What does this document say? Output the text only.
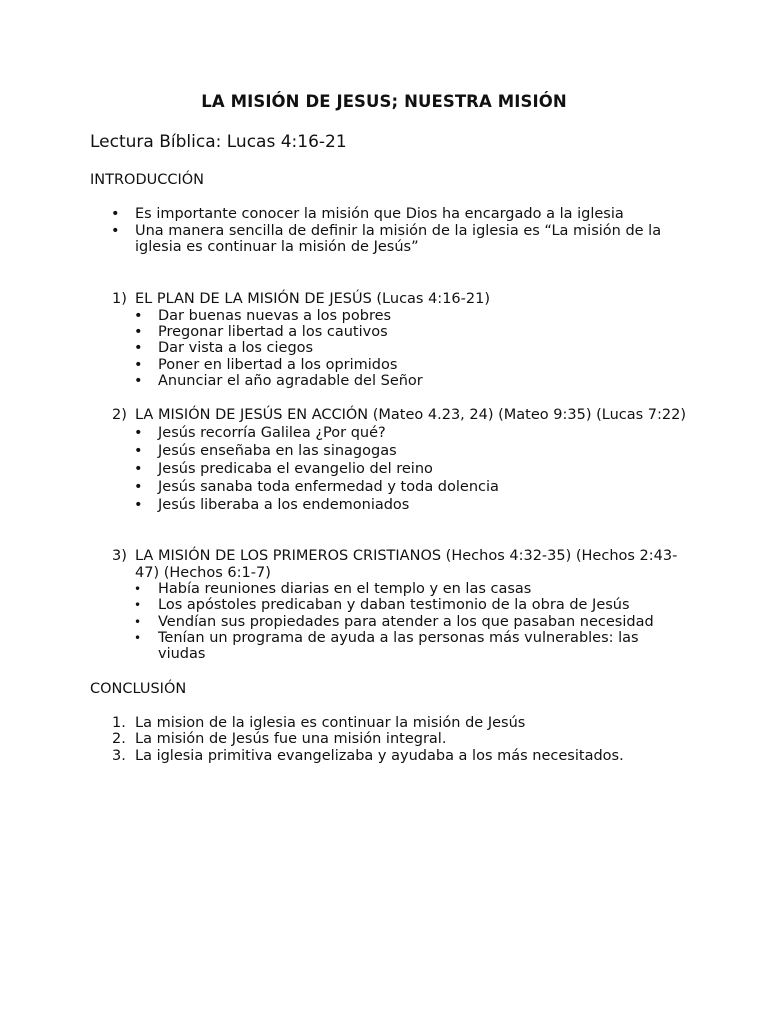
LA MISIÓN DE JESUS; NUESTRA MISIÓN

Lectura Bíblica: Lucas 4:16-21

INTRODUCCIÓN

• Es importante conocer la misión que Dios ha encargado a la iglesia
• Una manera sencilla de definir la misión de la iglesia es “La misión de la iglesia es continuar la misión de Jesús”
1) EL PLAN DE LA MISIÓN DE JESÚS (Lucas 4:16-21)
• Dar buenas nuevas a los pobres
• Pregonar libertad a los cautivos
• Dar vista a los ciegos
• Poner en libertad a los oprimidos
• Anunciar el año agradable del Señor
2) LA MISIÓN DE JESÚS EN ACCIÓN (Mateo 4.23, 24) (Mateo 9:35) (Lucas 7:22)
• Jesús recorría Galilea ¿Por qué?
• Jesús enseñaba en las sinagogas
• Jesús predicaba el evangelio del reino
• Jesús sanaba toda enfermedad y toda dolencia
• Jesús liberaba a los endemoniados
3) LA MISIÓN DE LOS PRIMEROS CRISTIANOS (Hechos 4:32-35) (Hechos 2:43-47) (Hechos 6:1-7)
• Había reuniones diarias en el templo y en las casas
• Los apóstoles predicaban y daban testimonio de la obra de Jesús
• Vendían sus propiedades para atender a los que pasaban necesidad
• Tenían un programa de ayuda a las personas más vulnerables: las viudas

CONCLUSIÓN

1. La mision de la iglesia es continuar la misión de Jesús
2. La misión de Jesús fue una misión integral.
3. La iglesia primitiva evangelizaba y ayudaba a los más necesitados.
